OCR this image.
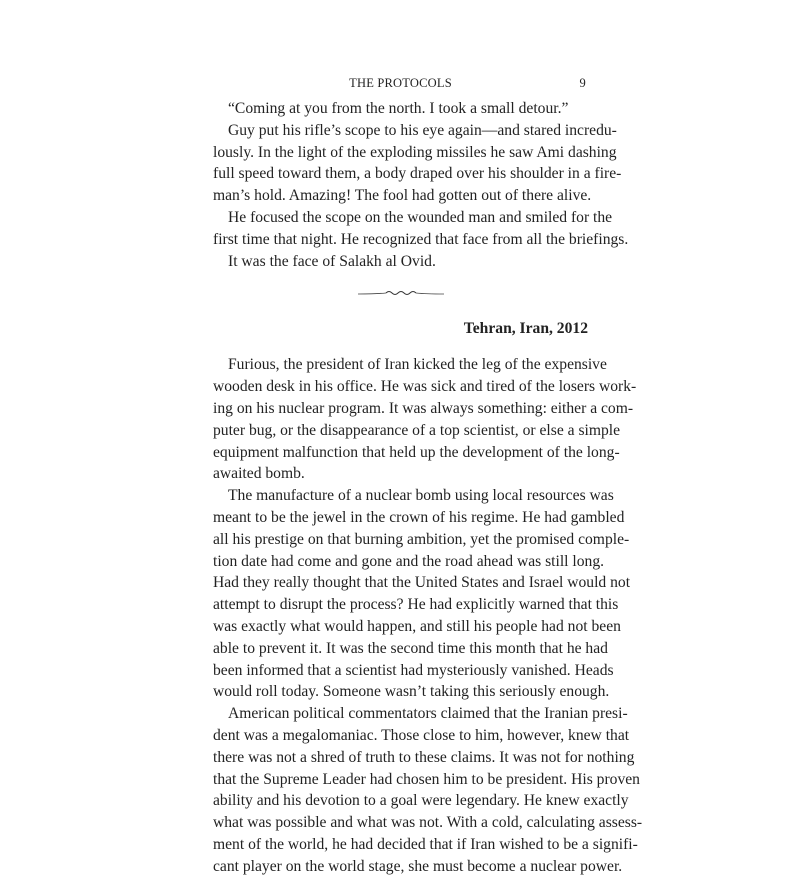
THE PROTOCOLS	9
“Coming at you from the north. I took a small detour.”
Guy put his rifle’s scope to his eye again—and stared incredu-
lously. In the light of the exploding missiles he saw Ami dashing
full speed toward them, a body draped over his shoulder in a fire-
man’s hold. Amazing! The fool had gotten out of there alive.
He focused the scope on the wounded man and smiled for the
first time that night. He recognized that face from all the briefings.
It was the face of Salakh al Ovid.
Tehran, Iran, 2012
Furious, the president of Iran kicked the leg of the expensive
wooden desk in his office. He was sick and tired of the losers work-
ing on his nuclear program. It was always something: either a com-
puter bug, or the disappearance of a top scientist, or else a simple
equipment malfunction that held up the development of the long-
awaited bomb.
The manufacture of a nuclear bomb using local resources was
meant to be the jewel in the crown of his regime. He had gambled
all his prestige on that burning ambition, yet the promised comple-
tion date had come and gone and the road ahead was still long.
Had they really thought that the United States and Israel would not
attempt to disrupt the process? He had explicitly warned that this
was exactly what would happen, and still his people had not been
able to prevent it. It was the second time this month that he had
been informed that a scientist had mysteriously vanished. Heads
would roll today. Someone wasn’t taking this seriously enough.
American political commentators claimed that the Iranian presi-
dent was a megalomaniac. Those close to him, however, knew that
there was not a shred of truth to these claims. It was not for nothing
that the Supreme Leader had chosen him to be president. His proven
ability and his devotion to a goal were legendary. He knew exactly
what was possible and what was not. With a cold, calculating assess-
ment of the world, he had decided that if Iran wished to be a signifi-
cant player on the world stage, she must become a nuclear power.
